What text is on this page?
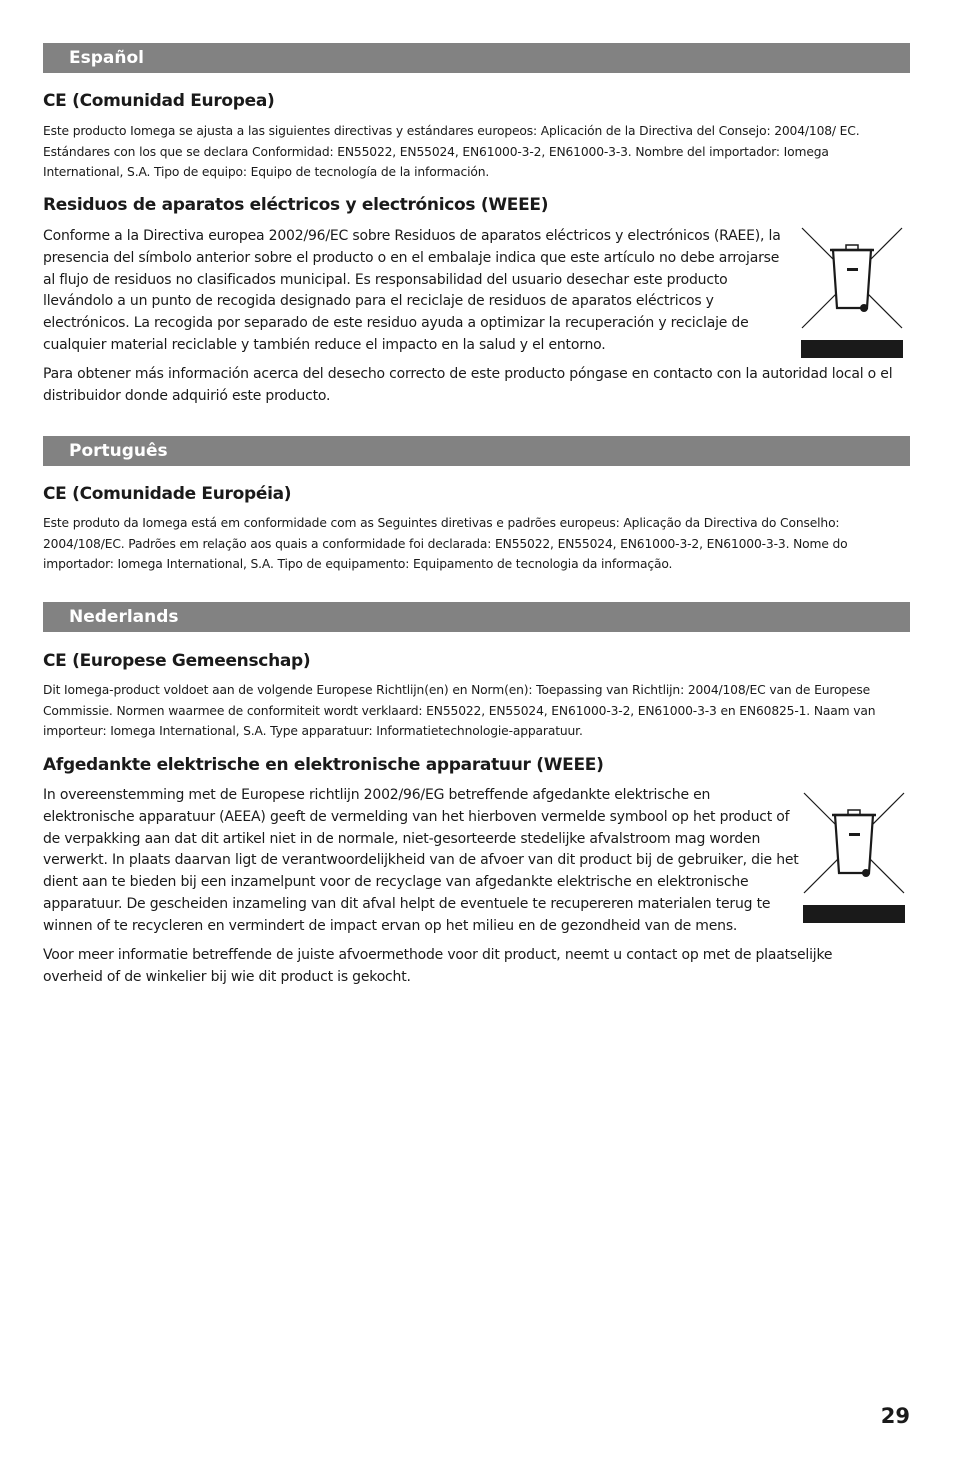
Español
CE (Comunidad Europea)
Este producto Iomega se ajusta a las siguientes directivas y estándares europeos: Aplicación de la Directiva del Consejo: 2004/108/ EC. Estándares con los que se declara Conformidad: EN55022, EN55024, EN61000-3-2, EN61000-3-3. Nombre del importador: Iomega International, S.A. Tipo de equipo: Equipo de tecnología de la información.
Residuos de aparatos eléctricos y electrónicos (WEEE)
Conforme a la Directiva europea 2002/96/EC sobre Residuos de aparatos eléctricos y electrónicos (RAEE), la presencia del símbolo anterior sobre el producto o en el embalaje indica que este artículo no debe arrojarse al flujo de residuos no clasificados municipal. Es responsabilidad del usuario desechar este producto llevándolo a un punto de recogida designado para el reciclaje de residuos de aparatos eléctricos y electrónicos. La recogida por separado de este residuo ayuda a optimizar la recuperación y reciclaje de cualquier material reciclable y también reduce el impacto en la salud y el entorno.
Para obtener más información acerca del desecho correcto de este producto póngase en contacto con la autoridad local o el distribuidor donde adquirió este producto.
Português
CE (Comunidade Européia)
Este produto da Iomega está em conformidade com as Seguintes diretivas e padrões europeus: Aplicação da Directiva do Conselho: 2004/108/EC. Padrões em relação aos quais a conformidade foi declarada: EN55022, EN55024, EN61000-3-2, EN61000-3-3. Nome do importador: Iomega International, S.A. Tipo de equipamento: Equipamento de tecnologia da informação.
Nederlands
CE (Europese Gemeenschap)
Dit Iomega-product voldoet aan de volgende Europese Richtlijn(en) en Norm(en): Toepassing van Richtlijn: 2004/108/EC van de Europese Commissie. Normen waarmee de conformiteit wordt verklaard: EN55022, EN55024, EN61000-3-2, EN61000-3-3 en EN60825-1. Naam van importeur: Iomega International, S.A. Type apparatuur: Informatietechnologie-apparatuur.
Afgedankte elektrische en elektronische apparatuur (WEEE)
In overeenstemming met de Europese richtlijn 2002/96/EG betreffende afgedankte elektrische en elektronische apparatuur (AEEA) geeft de vermelding van het hierboven vermelde symbool op het product of de verpakking aan dat dit artikel niet in de normale, niet-gesorteerde stedelijke afvalstroom mag worden verwerkt. In plaats daarvan ligt de verantwoordelijkheid van de afvoer van dit product bij de gebruiker, die het dient aan te bieden bij een inzamelpunt voor de recyclage van afgedankte elektrische en elektronische apparatuur. De gescheiden inzameling van dit afval helpt de eventuele te recupereren materialen terug te winnen of te recycleren en vermindert de impact ervan op het milieu en de gezondheid van de mens.
Voor meer informatie betreffende de juiste afvoermethode voor dit product, neemt u contact op met de plaatselijke overheid of de winkelier bij wie dit product is gekocht.
29
